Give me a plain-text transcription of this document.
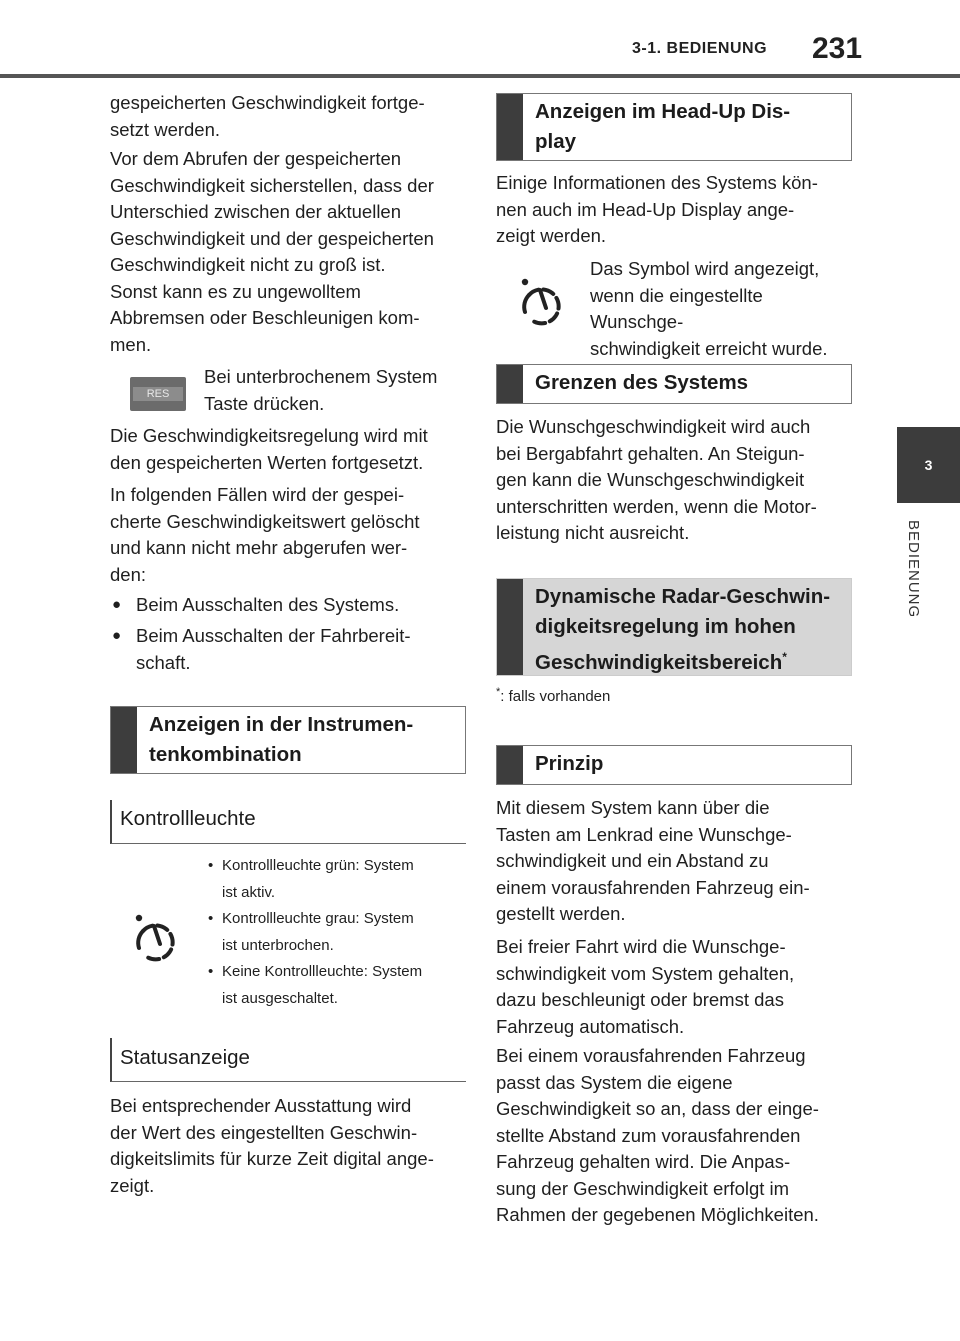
3-1. BEDIENUNG 231
3
BEDIENUNG

gespeicherten Geschwindigkeit fortge-
setzt werden.

Vor dem Abrufen der gespeicherten
Geschwindigkeit sicherstellen, dass der
Unterschied zwischen der aktuellen
Geschwindigkeit und der gespeicherten
Geschwindigkeit nicht zu groß ist.
Sonst kann es zu ungewolltem
Abbremsen oder Beschleunigen kom-
men.

RES

Bei unterbrochenem System
Taste drücken.

Die Geschwindigkeitsregelung wird mit
den gespeicherten Werten fortgesetzt.

In folgenden Fällen wird der gespei-
cherte Geschwindigkeitswert gelöscht
und kann nicht mehr abgerufen wer-
den:

● Beim Ausschalten des Systems.
● Beim Ausschalten der Fahrbereit-
schaft.
Anzeigen in der Instrumen-
tenkombination
Kontrollleuchte
• Kontrollleuchte grün: System
ist aktiv.
• Kontrollleuchte grau: System
ist unterbrochen.
• Keine Kontrollleuchte: System
ist ausgeschaltet.
Statusanzeige

Bei entsprechender Ausstattung wird
der Wert des eingestellten Geschwin-
digkeitslimits für kurze Zeit digital ange-
zeigt.

Anzeigen im Head-Up Dis-
play

Einige Informationen des Systems kön-
nen auch im Head-Up Display ange-
zeigt werden.

Das Symbol wird angezeigt,
wenn die eingestellte Wunschge-
schwindigkeit erreicht wurde.

Grenzen des Systems

Die Wunschgeschwindigkeit wird auch
bei Bergabfahrt gehalten. An Steigun-
gen kann die Wunschgeschwindigkeit
unterschritten werden, wenn die Motor-
leistung nicht ausreicht.

Dynamische Radar-Geschwin-
digkeitsregelung im hohen
Geschwindigkeitsbereich*
*: falls vorhanden
Prinzip

Mit diesem System kann über die
Tasten am Lenkrad eine Wunschge-
schwindigkeit und ein Abstand zu
einem vorausfahrenden Fahrzeug ein-
gestellt werden.

Bei freier Fahrt wird die Wunschge-
schwindigkeit vom System gehalten,
dazu beschleunigt oder bremst das
Fahrzeug automatisch.

Bei einem vorausfahrenden Fahrzeug
passt das System die eigene
Geschwindigkeit so an, dass der einge-
stellte Abstand zum vorausfahrenden
Fahrzeug gehalten wird. Die Anpas-
sung der Geschwindigkeit erfolgt im
Rahmen der gegebenen Möglichkeiten.
